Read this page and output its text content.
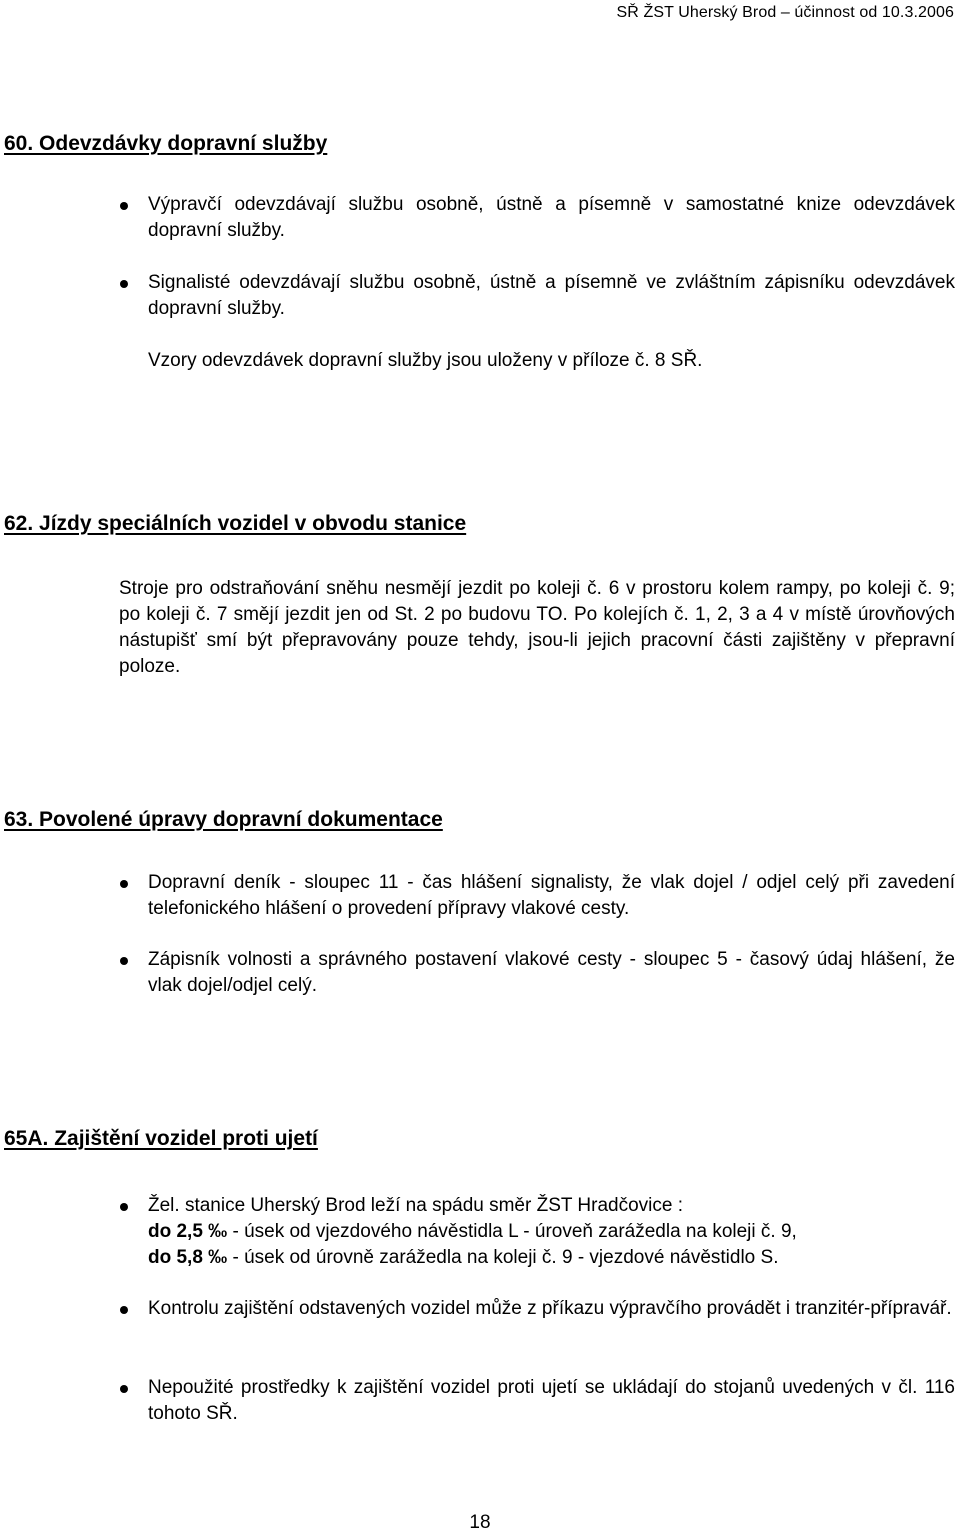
SŘ ŽST Uherský Brod – účinnost od 10.3.2006
60. Odevzdávky dopravní služby

Výpravčí odevzdávají službu osobně, ústně a písemně v samostatné knize odevzdávek dopravní služby.

Signalisté odevzdávají službu osobně, ústně a písemně ve zvláštním zápisníku odevzdávek dopravní služby.

Vzory odevzdávek dopravní služby jsou uloženy v příloze č. 8 SŘ.

62. Jízdy speciálních vozidel v obvodu stanice

Stroje pro odstraňování sněhu nesmějí jezdit po koleji č. 6 v prostoru kolem rampy, po koleji č. 9; po koleji č. 7 smějí jezdit jen od St. 2 po budovu TO. Po kolejích č. 1, 2, 3 a 4 v místě úrovňových nástupišť smí být přepravovány pouze tehdy, jsou-li jejich pracovní části zajištěny v přepravní poloze.

63. Povolené úpravy dopravní dokumentace

Dopravní deník - sloupec 11 - čas hlášení signalisty, že vlak dojel / odjel celý při zavedení telefonického hlášení o provedení přípravy vlakové cesty.

Zápisník volnosti a správného postavení vlakové cesty - sloupec 5 - časový údaj hlášení, že vlak dojel/odjel celý.

65A. Zajištění vozidel proti ujetí
Žel. stanice Uherský Brod leží na spádu směr ŽST Hradčovice :
do 2,5 ‰ - úsek od vjezdového návěstidla L - úroveň zarážedla na koleji č. 9,
do 5,8 ‰ - úsek od úrovně zarážedla na koleji č. 9 - vjezdové návěstidlo S.

Kontrolu zajištění odstavených vozidel může z příkazu výpravčího provádět i tranzitér-přípravář.

Nepoužité prostředky k zajištění vozidel proti ujetí se ukládají do stojanů uvedených v čl. 116 tohoto SŘ.

18
